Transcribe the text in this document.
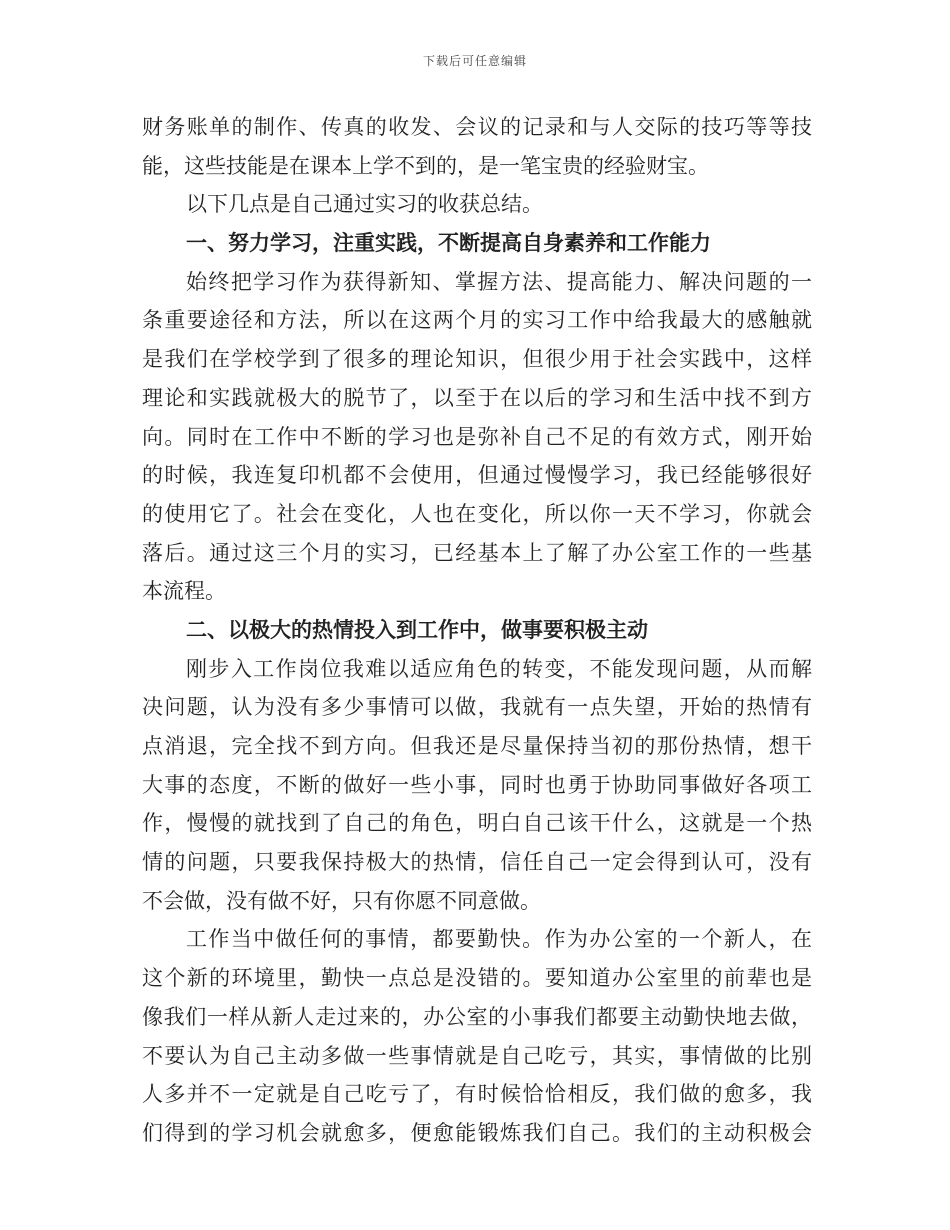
下载后可任意编辑
财务账单的制作、传真的收发、会议的记录和与人交际的技巧等等技
能，这些技能是在课本上学不到的，是一笔宝贵的经验财宝。
以下几点是自己通过实习的收获总结。
一、努力学习，注重实践，不断提高自身素养和工作能力
始终把学习作为获得新知、掌握方法、提高能力、解决问题的一
条重要途径和方法，所以在这两个月的实习工作中给我最大的感触就
是我们在学校学到了很多的理论知识，但很少用于社会实践中，这样
理论和实践就极大的脱节了，以至于在以后的学习和生活中找不到方
向。同时在工作中不断的学习也是弥补自己不足的有效方式，刚开始
的时候，我连复印机都不会使用，但通过慢慢学习，我已经能够很好
的使用它了。社会在变化，人也在变化，所以你一天不学习，你就会
落后。通过这三个月的实习，已经基本上了解了办公室工作的一些基
本流程。
二、以极大的热情投入到工作中，做事要积极主动
刚步入工作岗位我难以适应角色的转变，不能发现问题，从而解
决问题，认为没有多少事情可以做，我就有一点失望，开始的热情有
点消退，完全找不到方向。但我还是尽量保持当初的那份热情，想干
大事的态度，不断的做好一些小事，同时也勇于协助同事做好各项工
作，慢慢的就找到了自己的角色，明白自己该干什么，这就是一个热
情的问题，只要我保持极大的热情，信任自己一定会得到认可，没有
不会做，没有做不好，只有你愿不同意做。
工作当中做任何的事情，都要勤快。作为办公室的一个新人，在
这个新的环境里，勤快一点总是没错的。要知道办公室里的前辈也是
像我们一样从新人走过来的，办公室的小事我们都要主动勤快地去做，
不要认为自己主动多做一些事情就是自己吃亏，其实，事情做的比别
人多并不一定就是自己吃亏了，有时候恰恰相反，我们做的愈多，我
们得到的学习机会就愈多，便愈能锻炼我们自己。我们的主动积极会
